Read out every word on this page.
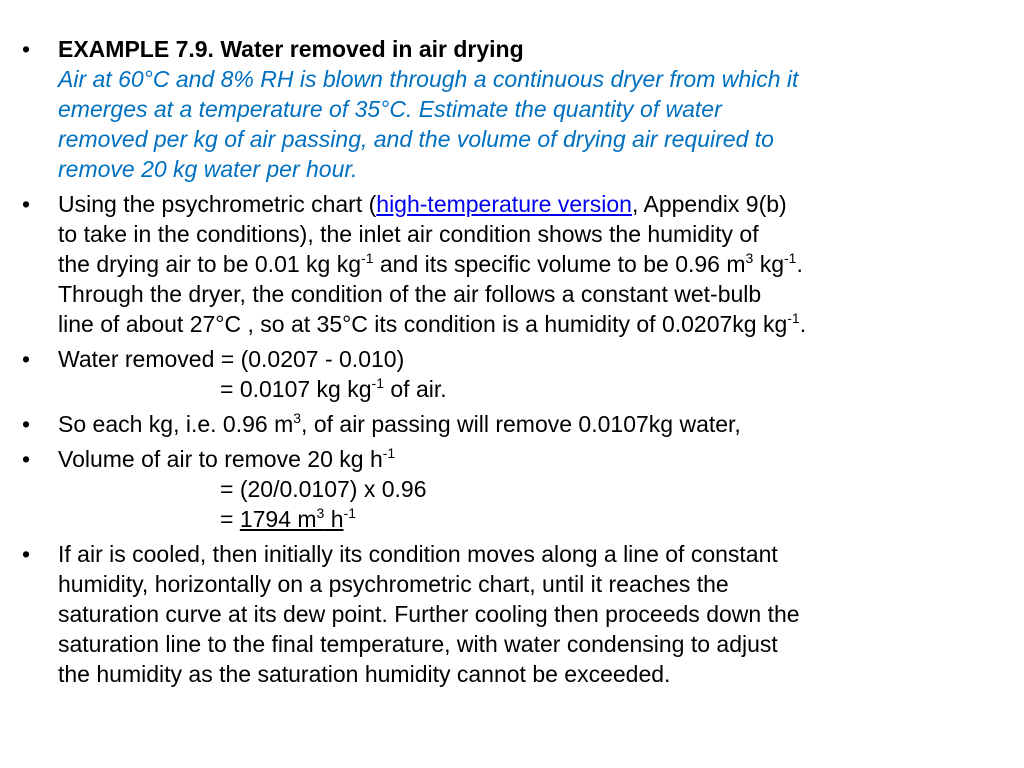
• EXAMPLE 7.9. Water removed in air drying
Air at 60°C and 8% RH is blown through a continuous dryer from which it
emerges at a temperature of 35°C. Estimate the quantity of water
removed per kg of air passing, and the volume of drying air required to
remove 20 kg water per hour.
• Using the psychrometric chart (high-temperature version, Appendix 9(b)
to take in the conditions), the inlet air condition shows the humidity of
the drying air to be 0.01 kg $kg^{-1}$ and its specific volume to be 0.96 $m^3$ $kg^{-1}$.
Through the dryer, the condition of the air follows a constant wet-bulb
line of about 27°C , so at 35°C its condition is a humidity of 0.0207kg $kg^{-1}$.
• Water removed = (0.0207 - 0.010)
= 0.0107 kg $kg^{-1}$ of air.
• So each kg, i.e. 0.96 $m^3$, of air passing will remove 0.0107kg water,
• Volume of air to remove 20 kg $h^{-1}$
= (20/0.0107) x 0.96
= 1794 $m^3$ $h^{-1}$
• If air is cooled, then initially its condition moves along a line of constant
humidity, horizontally on a psychrometric chart, until it reaches the
saturation curve at its dew point. Further cooling then proceeds down the
saturation line to the final temperature, with water condensing to adjust
the humidity as the saturation humidity cannot be exceeded.
